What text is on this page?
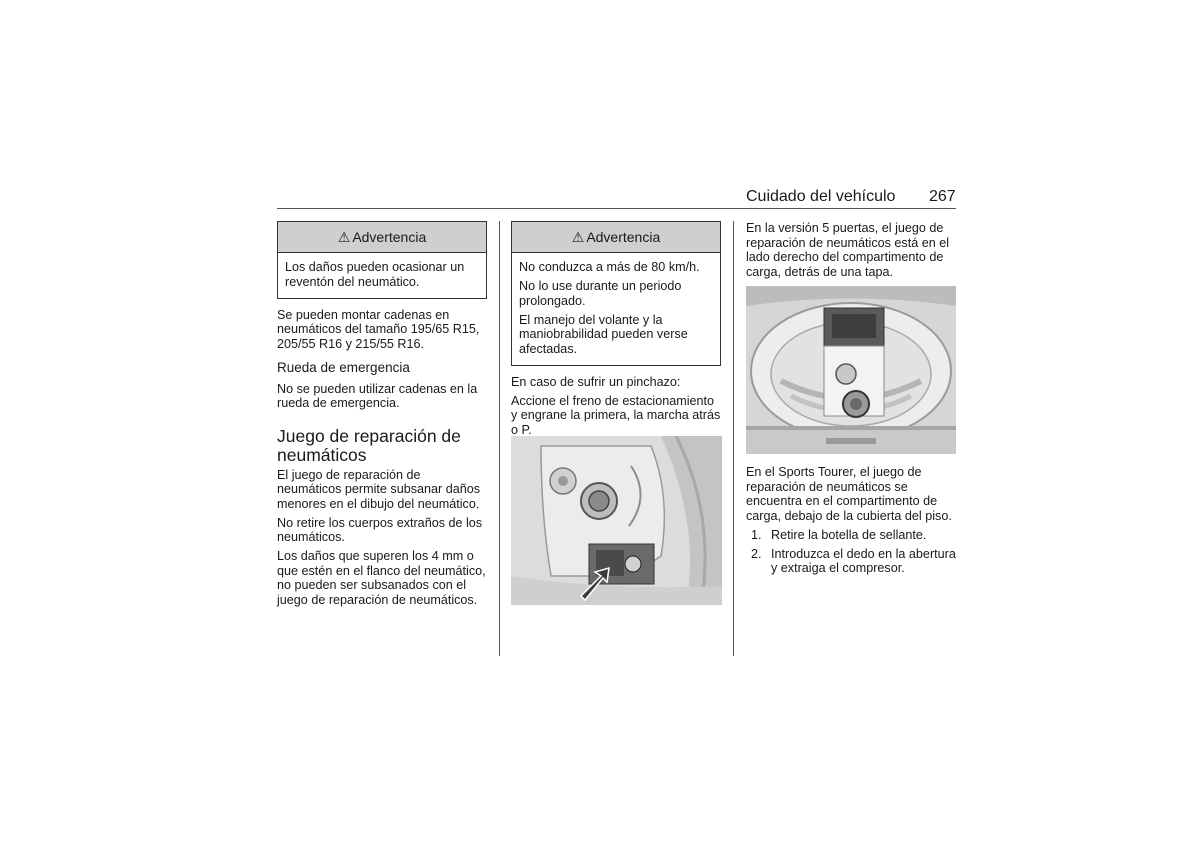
Cuidado del vehículo 267
⚠ Advertencia

Los daños pueden ocasionar un reventón del neumático.

Se pueden montar cadenas en neumáticos del tamaño 195/65 R15, 205/55 R16 y 215/55 R16.

Rueda de emergencia

No se pueden utilizar cadenas en la rueda de emergencia.

Juego de reparación de neumáticos

El juego de reparación de neumáticos permite subsanar daños menores en el dibujo del neumático.

No retire los cuerpos extraños de los neumáticos.

Los daños que superen los 4 mm o que estén en el flanco del neumático, no pueden ser subsanados con el juego de reparación de neumáticos.

⚠ Advertencia

No conduzca a más de 80 km/h.

No lo use durante un periodo prolongado.

El manejo del volante y la maniobrabilidad pueden verse afectadas.

En caso de sufrir un pinchazo:

Accione el freno de estacionamiento y engrane la primera, la marcha atrás o P.

En la versión 5 puertas, el juego de reparación de neumáticos está en el lado derecho del compartimento de carga, detrás de una tapa.

En el Sports Tourer, el juego de reparación de neumáticos se encuentra en el compartimento de carga, debajo de la cubierta del piso.

1. Retire la botella de sellante.
2. Introduzca el dedo en la abertura y extraiga el compresor.
